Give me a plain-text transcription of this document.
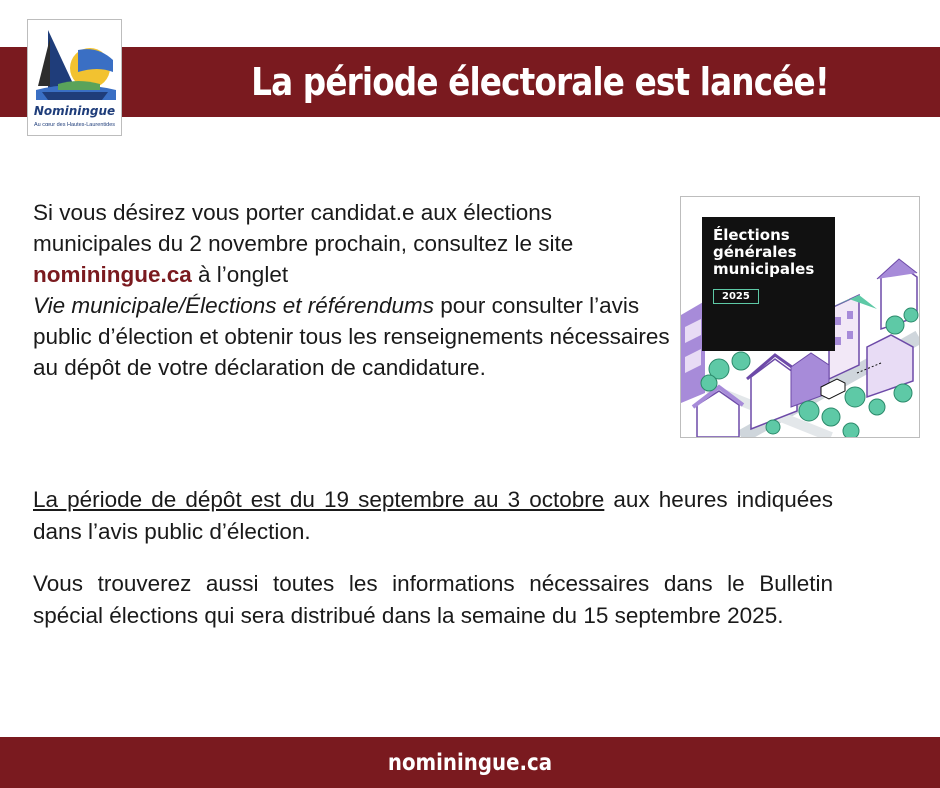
La période électorale est lancée!
Nominingue
Au cœur des Hautes-Laurentides
Si vous désirez vous porter candidat.e aux élections municipales du 2 novembre prochain, consultez le site nominingue.ca à l’onglet
Vie municipale/Élections et référendums pour consulter l’avis public d’élection et obtenir tous les renseignements nécessaires au dépôt de votre déclaration de candidature.
Élections générales municipales
2025
La période de dépôt est du 19 septembre au 3 octobre aux heures indiquées dans l’avis public d’élection.
Vous trouverez aussi toutes les informations nécessaires dans le Bulletin spécial élections qui sera distribué dans la semaine du 15 septembre 2025.
nominingue.ca
